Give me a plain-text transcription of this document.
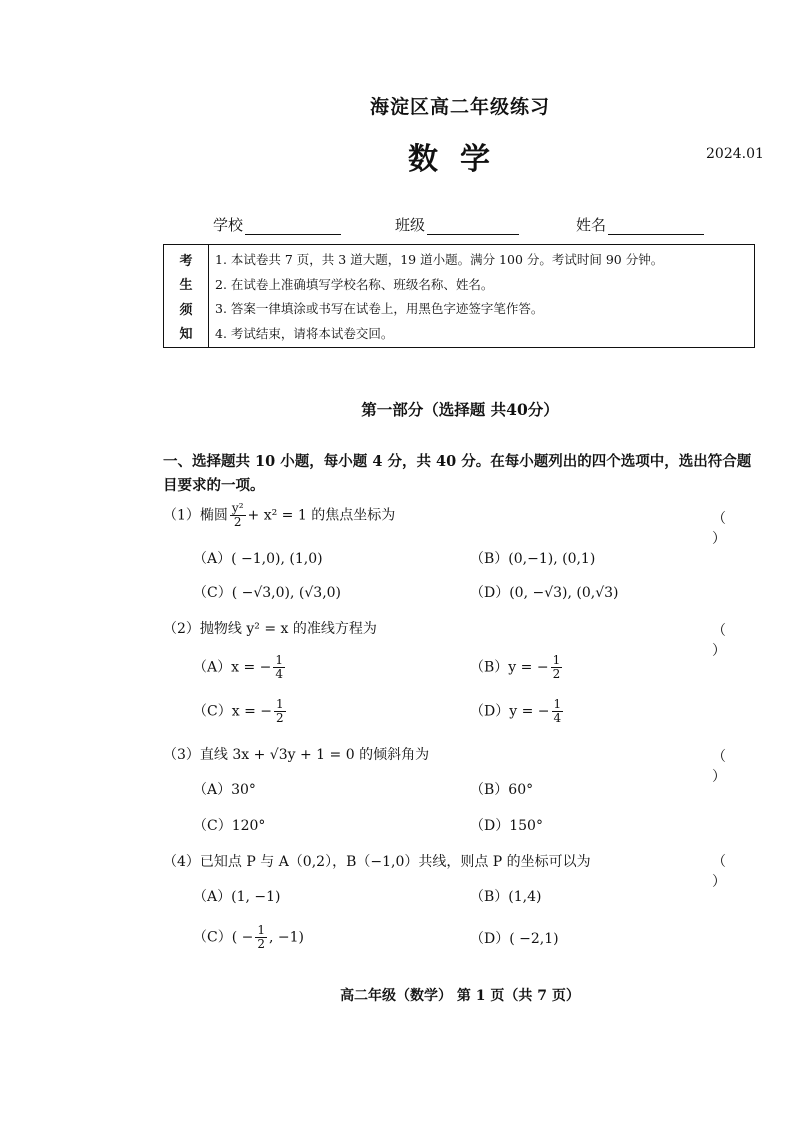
海淀区高二年级练习
数学	2024.01
学校	班级	姓名
考
生
须
知
1. 本试卷共 7 页，共 3 道大题，19 道小题。满分 100 分。考试时间 90 分钟。
2. 在试卷上准确填写学校名称、班级名称、姓名。
3. 答案一律填涂或书写在试卷上，用黑色字迹签字笔作答。
4. 考试结束，请将本试卷交回。
第一部分（选择题 共40分）
一、选择题共 10 小题，每小题 4 分，共 40 分。在每小题列出的四个选项中，选出符合题目要求的一项。
（1）椭圆 $\frac{\text{y²}}{2} + x^2 = 1$ 的焦点坐标为	（ ）
（A）( −1,0), (1,0)	（B）(0,−1), (0,1)
（C）( −√3,0), (√3,0)	（D）(0, −√3), (0,√3)
（2）抛物线 y² = x 的准线方程为	（ ）
（A）x = − $\frac{1}{4}$	（B）y = − $\frac{1}{2}$
（C）x = − $\frac{1}{2}$	（D）y = − $\frac{1}{4}$
（3）直线 3x + √3y + 1 = 0 的倾斜角为	（ ）
（A）30°	（B）60°
（C）120°	（D）150°
（4）已知点 P 与 A（0,2），B（−1,0）共线，则点 P 的坐标可以为	（ ）
（A）(1, −1)	（B）(1,4)
$(C)( - \frac{1}{2}$ , −1)	（D）( −2,1)
高二年级（数学） 第 1 页（共 7 页）
